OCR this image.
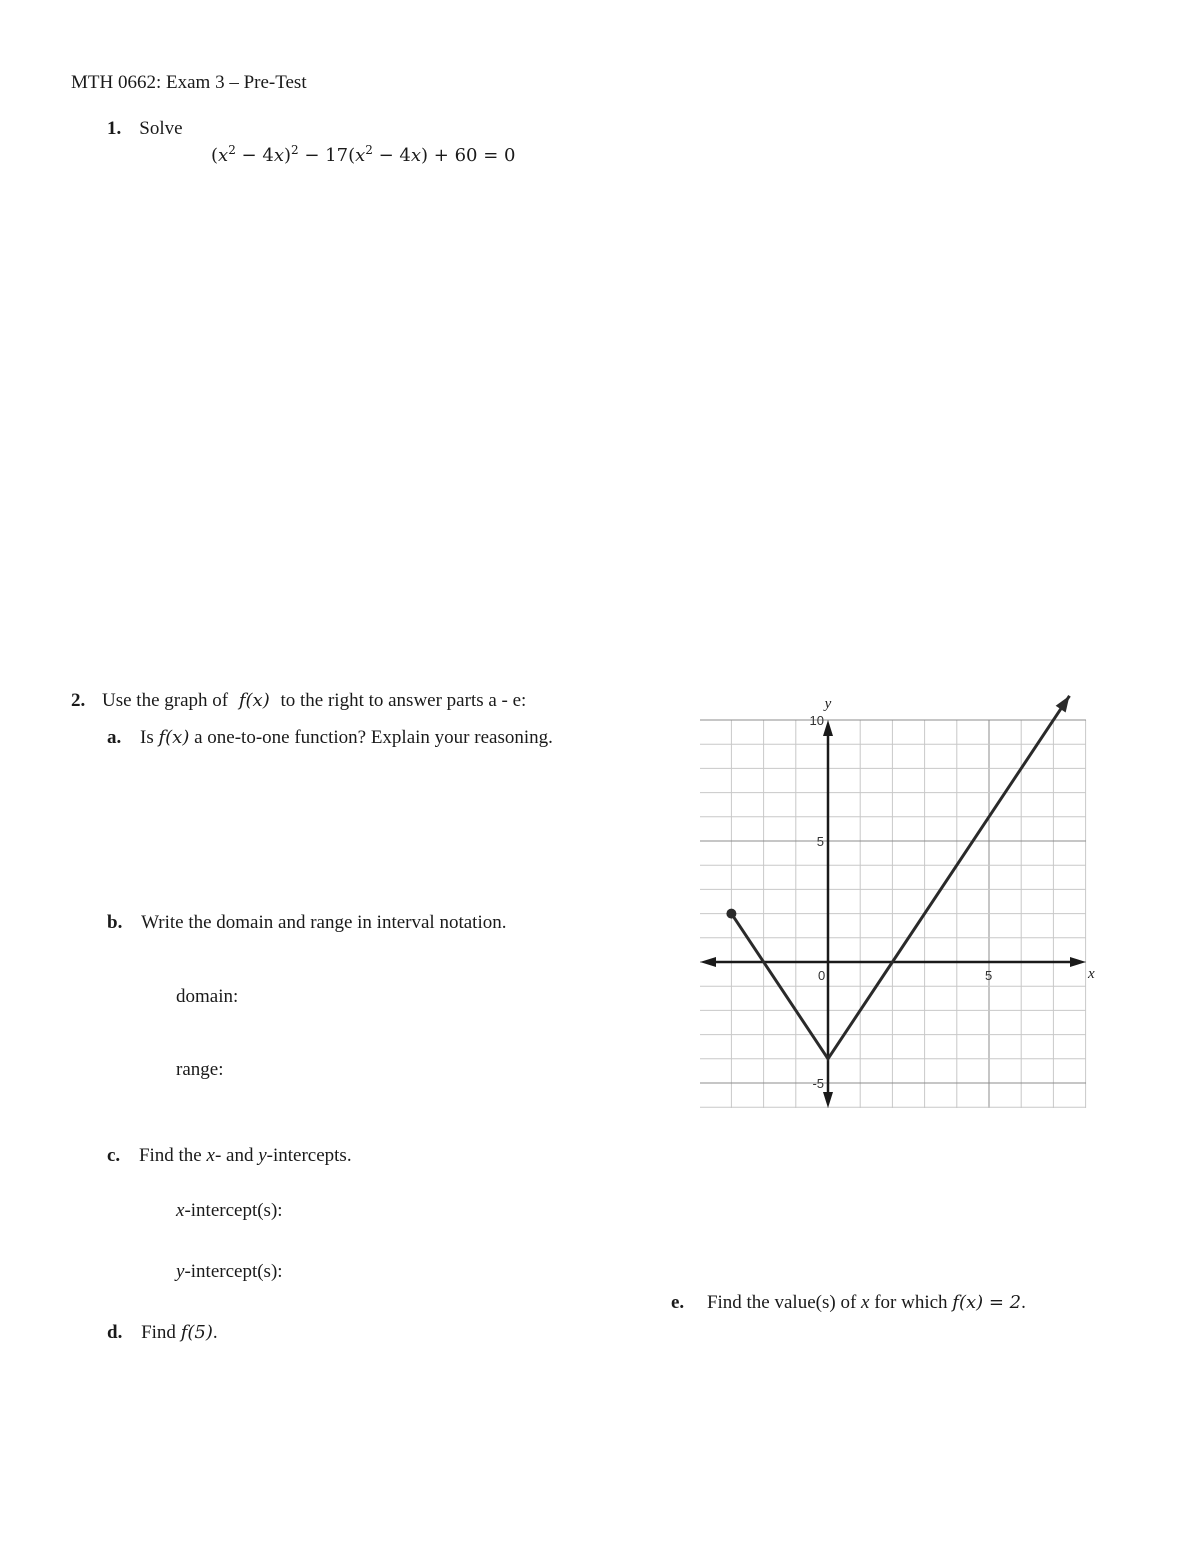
MTH 0662: Exam 3 – Pre-Test
1. Solve
$(x^2 - 4x)^2 - 17(x^2 - 4x) + 60 = 0$
2. Use the graph of f(x) to the right to answer parts a - e:
a. Is f(x) a one-to-one function? Explain your reasoning.
b. Write the domain and range in interval notation.
domain:
range:
c. Find the x- and y-intercepts.
x-intercept(s):
y-intercept(s):
d. Find f(5).
e. Find the value(s) of x for which f(x) = 2.
0	5
10
5
-5
x
y
